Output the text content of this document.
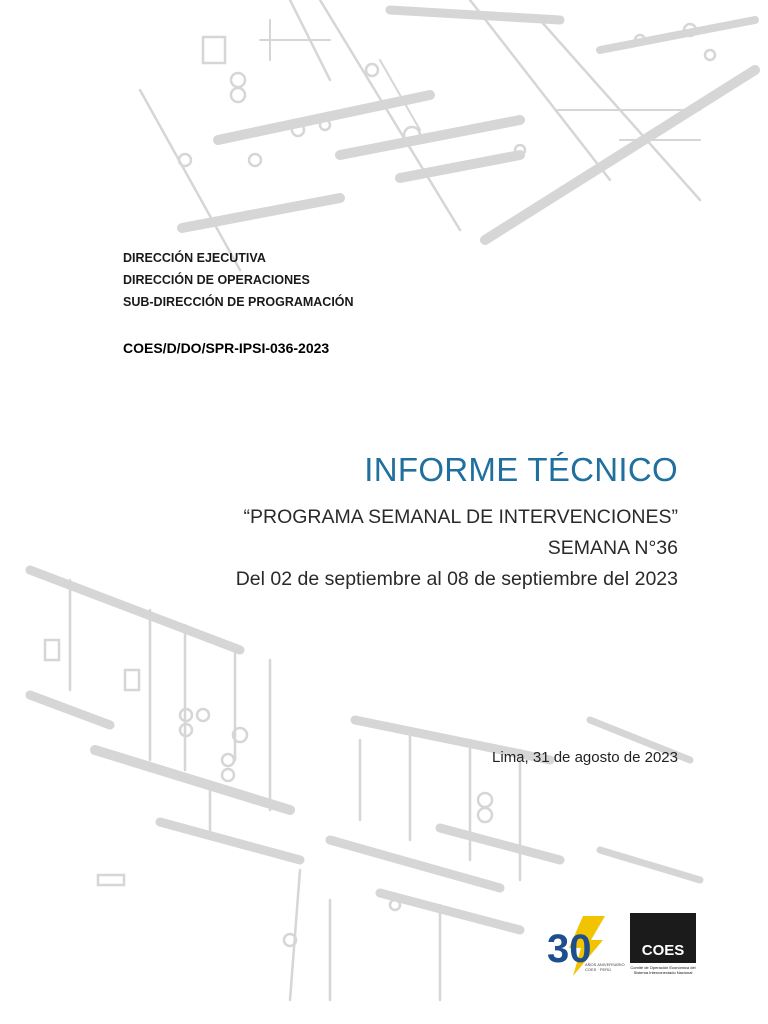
DIRECCIÓN EJECUTIVA
DIRECCIÓN DE OPERACIONES
SUB-DIRECCIÓN DE PROGRAMACIÓN
COES/D/DO/SPR-IPSI-036-2023
INFORME TÉCNICO
“PROGRAMA SEMANAL DE INTERVENCIONES”
SEMANA N°36
Del 02 de septiembre al 08 de septiembre del 2023
Lima, 31 de agosto de 2023
30
AÑOS ANIVERSARIO COES · PERÚ
COES
Comité de Operación Económica del Sistema Interconectado Nacional
